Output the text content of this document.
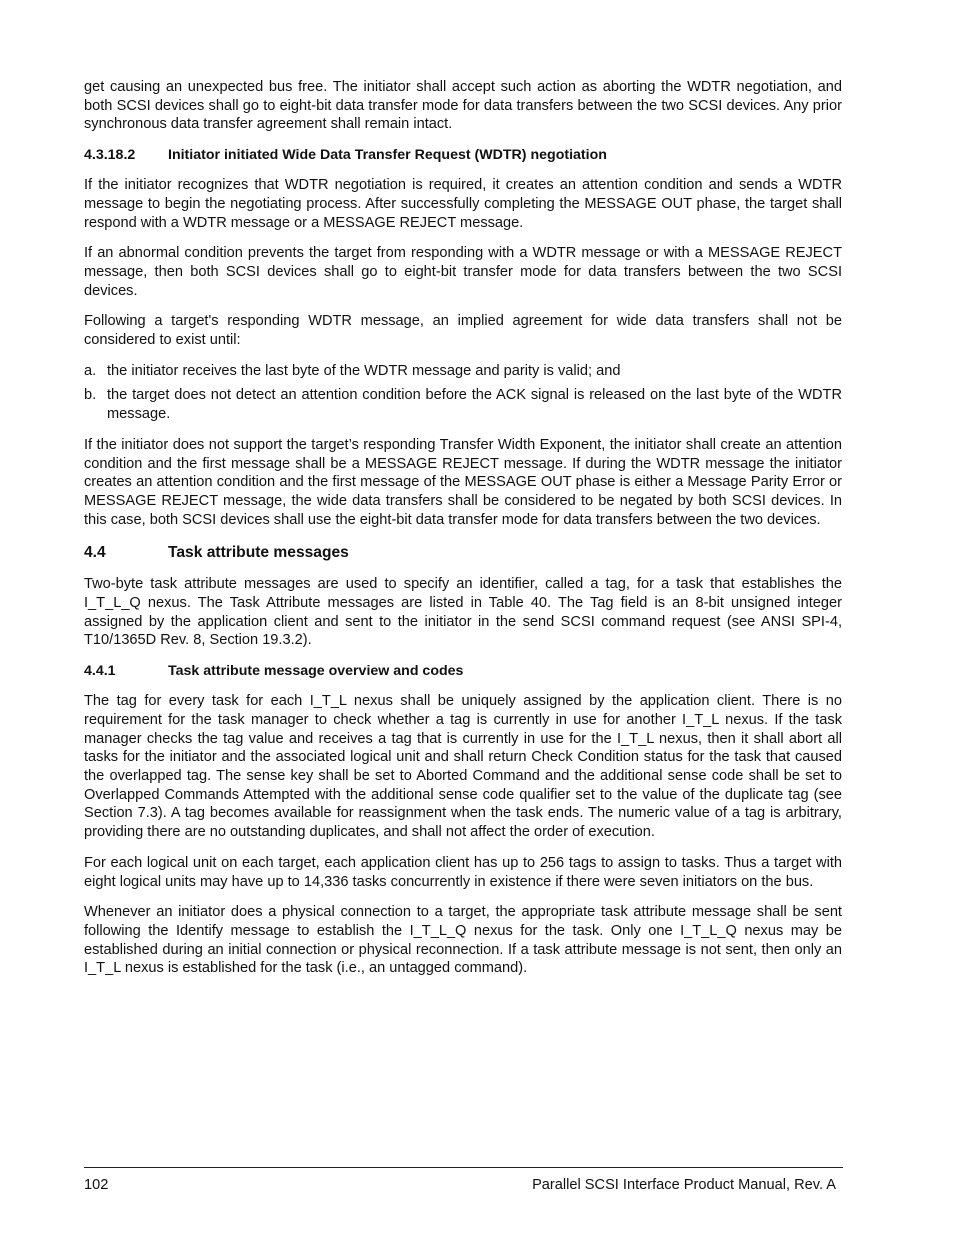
get causing an unexpected bus free. The initiator shall accept such action as aborting the WDTR negotiation, and both SCSI devices shall go to eight-bit data transfer mode for data transfers between the two SCSI devices. Any prior synchronous data transfer agreement shall remain intact.

4.3.18.2	Initiator initiated Wide Data Transfer Request (WDTR) negotiation

If the initiator recognizes that WDTR negotiation is required, it creates an attention condition and sends a WDTR message to begin the negotiating process. After successfully completing the MESSAGE OUT phase, the target shall respond with a WDTR message or a MESSAGE REJECT message.

If an abnormal condition prevents the target from responding with a WDTR message or with a MESSAGE REJECT message, then both SCSI devices shall go to eight-bit transfer mode for data transfers between the two SCSI devices.

Following a target's responding WDTR message, an implied agreement for wide data transfers shall not be considered to exist until:

a. the initiator receives the last byte of the WDTR message and parity is valid; and
b. the target does not detect an attention condition before the ACK signal is released on the last byte of the WDTR message.

If the initiator does not support the target’s responding Transfer Width Exponent, the initiator shall create an attention condition and the first message shall be a MESSAGE REJECT message. If during the WDTR message the initiator creates an attention condition and the first message of the MESSAGE OUT phase is either a Message Parity Error or MESSAGE REJECT message, the wide data transfers shall be considered to be negated by both SCSI devices. In this case, both SCSI devices shall use the eight-bit data transfer mode for data transfers between the two devices.

4.4	Task attribute messages

Two-byte task attribute messages are used to specify an identifier, called a tag, for a task that establishes the I_T_L_Q nexus. The Task Attribute messages are listed in Table 40. The Tag field is an 8-bit unsigned integer assigned by the application client and sent to the initiator in the send SCSI command request (see ANSI SPI-4, T10/1365D Rev. 8, Section 19.3.2).

4.4.1	Task attribute message overview and codes

The tag for every task for each I_T_L nexus shall be uniquely assigned by the application client. There is no requirement for the task manager to check whether a tag is currently in use for another I_T_L nexus. If the task manager checks the tag value and receives a tag that is currently in use for the I_T_L nexus, then it shall abort all tasks for the initiator and the associated logical unit and shall return Check Condition status for the task that caused the overlapped tag. The sense key shall be set to Aborted Command and the additional sense code shall be set to Overlapped Commands Attempted with the additional sense code qualifier set to the value of the duplicate tag (see Section 7.3). A tag becomes available for reassignment when the task ends. The numeric value of a tag is arbitrary, providing there are no outstanding duplicates, and shall not affect the order of execution.

For each logical unit on each target, each application client has up to 256 tags to assign to tasks. Thus a target with eight logical units may have up to 14,336 tasks concurrently in existence if there were seven initiators on the bus.

Whenever an initiator does a physical connection to a target, the appropriate task attribute message shall be sent following the Identify message to establish the I_T_L_Q nexus for the task. Only one I_T_L_Q nexus may be established during an initial connection or physical reconnection. If a task attribute message is not sent, then only an I_T_L nexus is established for the task (i.e., an untagged command).

102	Parallel SCSI Interface Product Manual, Rev. A
